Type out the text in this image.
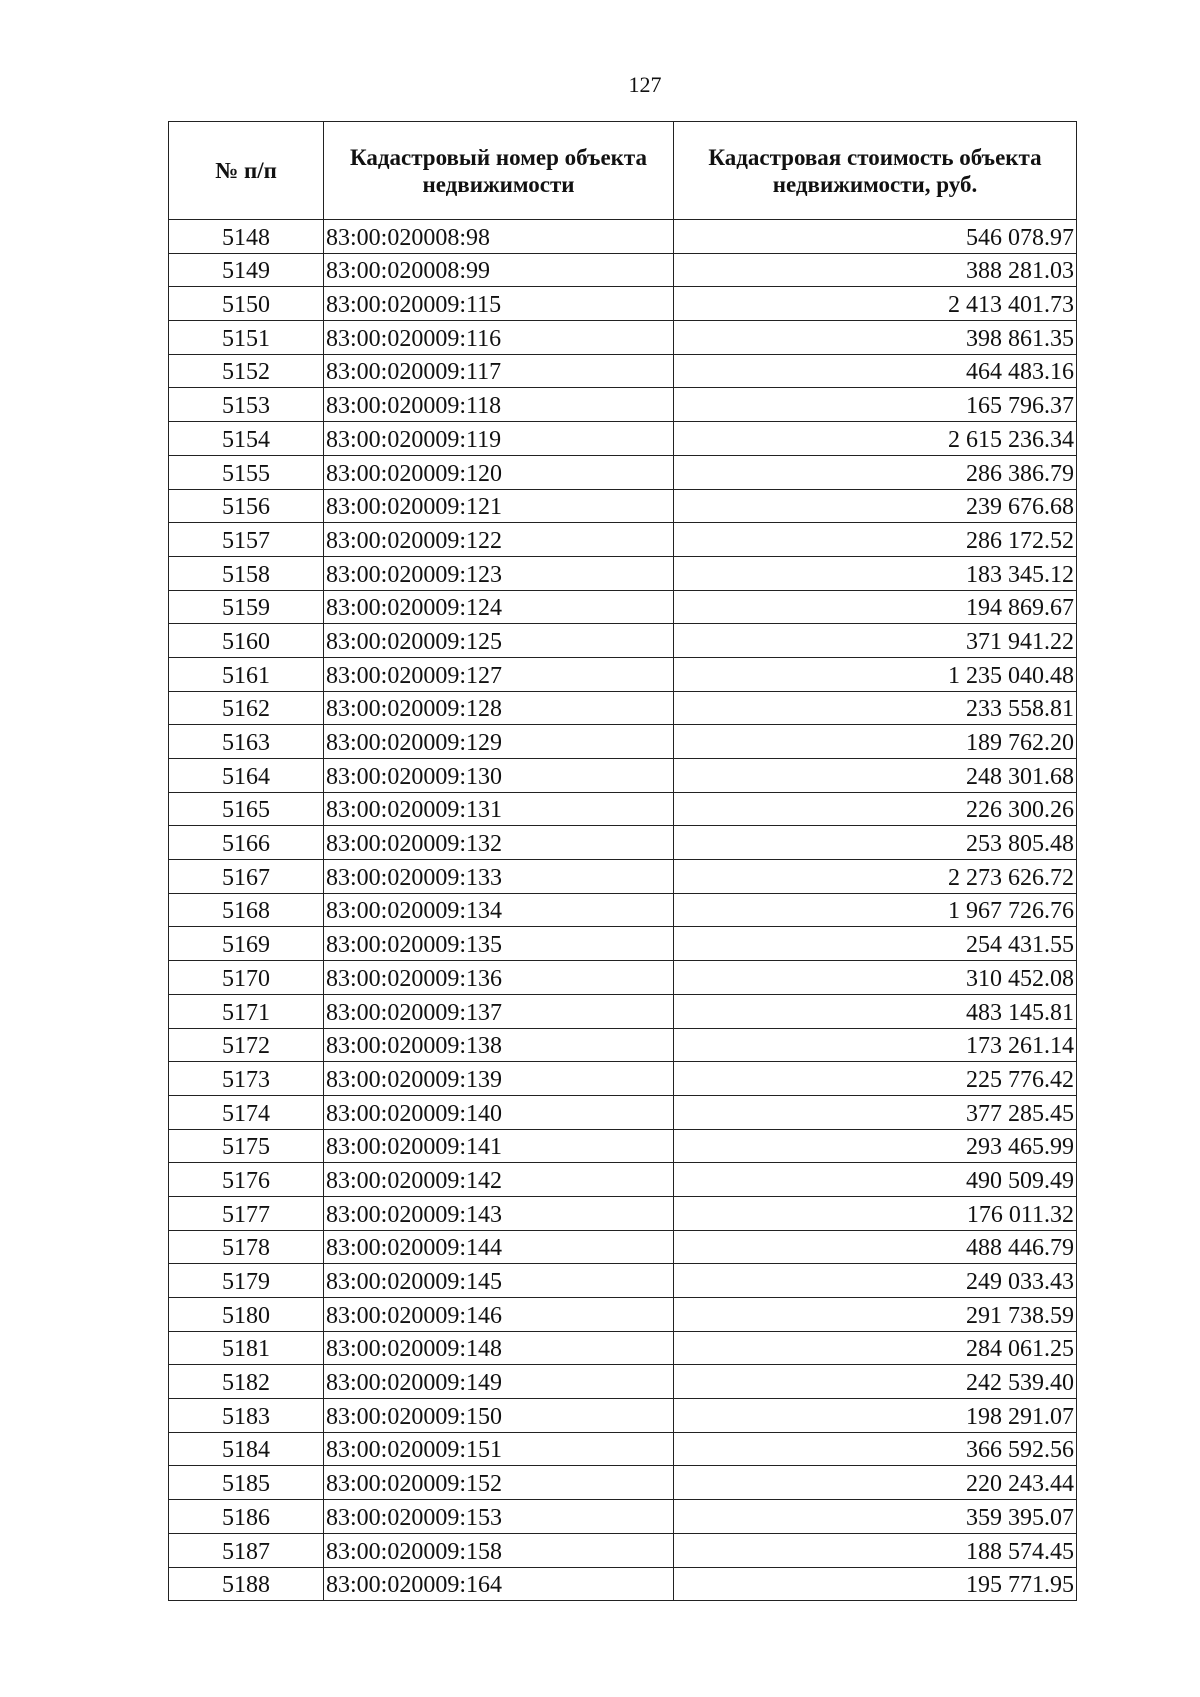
127
№ п/п	Кадастровый номер объекта недвижимости	Кадастровая стоимость объекта недвижимости, руб.
5148	83:00:020008:98	546 078.97
5149	83:00:020008:99	388 281.03
5150	83:00:020009:115	2 413 401.73
5151	83:00:020009:116	398 861.35
5152	83:00:020009:117	464 483.16
5153	83:00:020009:118	165 796.37
5154	83:00:020009:119	2 615 236.34
5155	83:00:020009:120	286 386.79
5156	83:00:020009:121	239 676.68
5157	83:00:020009:122	286 172.52
5158	83:00:020009:123	183 345.12
5159	83:00:020009:124	194 869.67
5160	83:00:020009:125	371 941.22
5161	83:00:020009:127	1 235 040.48
5162	83:00:020009:128	233 558.81
5163	83:00:020009:129	189 762.20
5164	83:00:020009:130	248 301.68
5165	83:00:020009:131	226 300.26
5166	83:00:020009:132	253 805.48
5167	83:00:020009:133	2 273 626.72
5168	83:00:020009:134	1 967 726.76
5169	83:00:020009:135	254 431.55
5170	83:00:020009:136	310 452.08
5171	83:00:020009:137	483 145.81
5172	83:00:020009:138	173 261.14
5173	83:00:020009:139	225 776.42
5174	83:00:020009:140	377 285.45
5175	83:00:020009:141	293 465.99
5176	83:00:020009:142	490 509.49
5177	83:00:020009:143	176 011.32
5178	83:00:020009:144	488 446.79
5179	83:00:020009:145	249 033.43
5180	83:00:020009:146	291 738.59
5181	83:00:020009:148	284 061.25
5182	83:00:020009:149	242 539.40
5183	83:00:020009:150	198 291.07
5184	83:00:020009:151	366 592.56
5185	83:00:020009:152	220 243.44
5186	83:00:020009:153	359 395.07
5187	83:00:020009:158	188 574.45
5188	83:00:020009:164	195 771.95
